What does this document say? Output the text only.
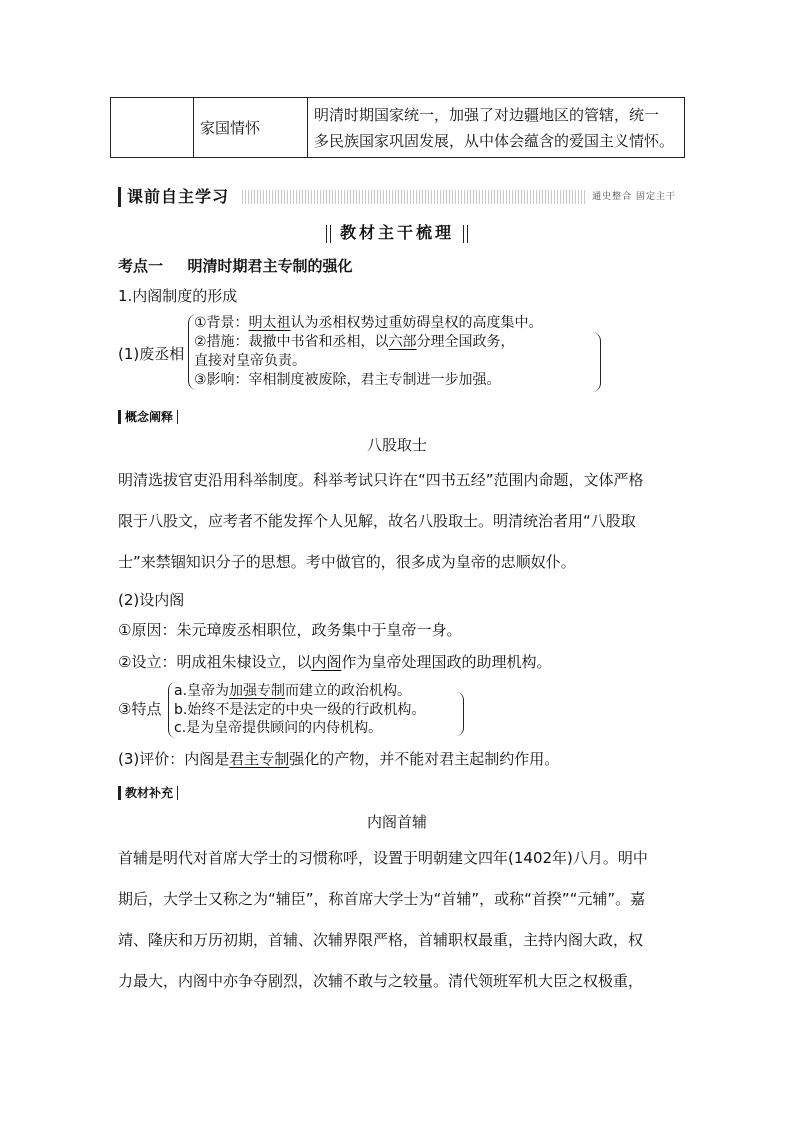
家国情怀
明清时期国家统一，加强了对边疆地区的管辖，统一
多民族国家巩固发展，从中体会蕴含的爱国主义情怀。
课前自主学习	通史整合 固定主干
教材主干梳理
考点一 明清时期君主专制的强化
1.内阁制度的形成
(1)废丞相
①背景：明太祖认为丞相权势过重妨碍皇权的高度集中。
②措施：裁撤中书省和丞相，以六部分理全国政务，
直接对皇帝负责。
③影响：宰相制度被废除，君主专制进一步加强。
概念阐释
八股取士
明清选拔官吏沿用科举制度。科举考试只许在“四书五经”范围内命题，文体严格
限于八股文，应考者不能发挥个人见解，故名八股取士。明清统治者用“八股取
士”来禁锢知识分子的思想。考中做官的，很多成为皇帝的忠顺奴仆。
(2)设内阁
①原因：朱元璋废丞相职位，政务集中于皇帝一身。
②设立：明成祖朱棣设立，以内阁作为皇帝处理国政的助理机构。
③特点
a.皇帝为加强专制而建立的政治机构。
b.始终不是法定的中央一级的行政机构。
c.是为皇帝提供顾问的内侍机构。
(3)评价：内阁是君主专制强化的产物，并不能对君主起制约作用。
教材补充
内阁首辅
首辅是明代对首席大学士的习惯称呼，设置于明朝建文四年(1402年)八月。明中
期后，大学士又称之为“辅臣”，称首席大学士为“首辅”，或称“首揆”“元辅”。嘉
靖、隆庆和万历初期，首辅、次辅界限严格，首辅职权最重，主持内阁大政，权
力最大，内阁中亦争夺剧烈，次辅不敢与之较量。清代领班军机大臣之权极重，
